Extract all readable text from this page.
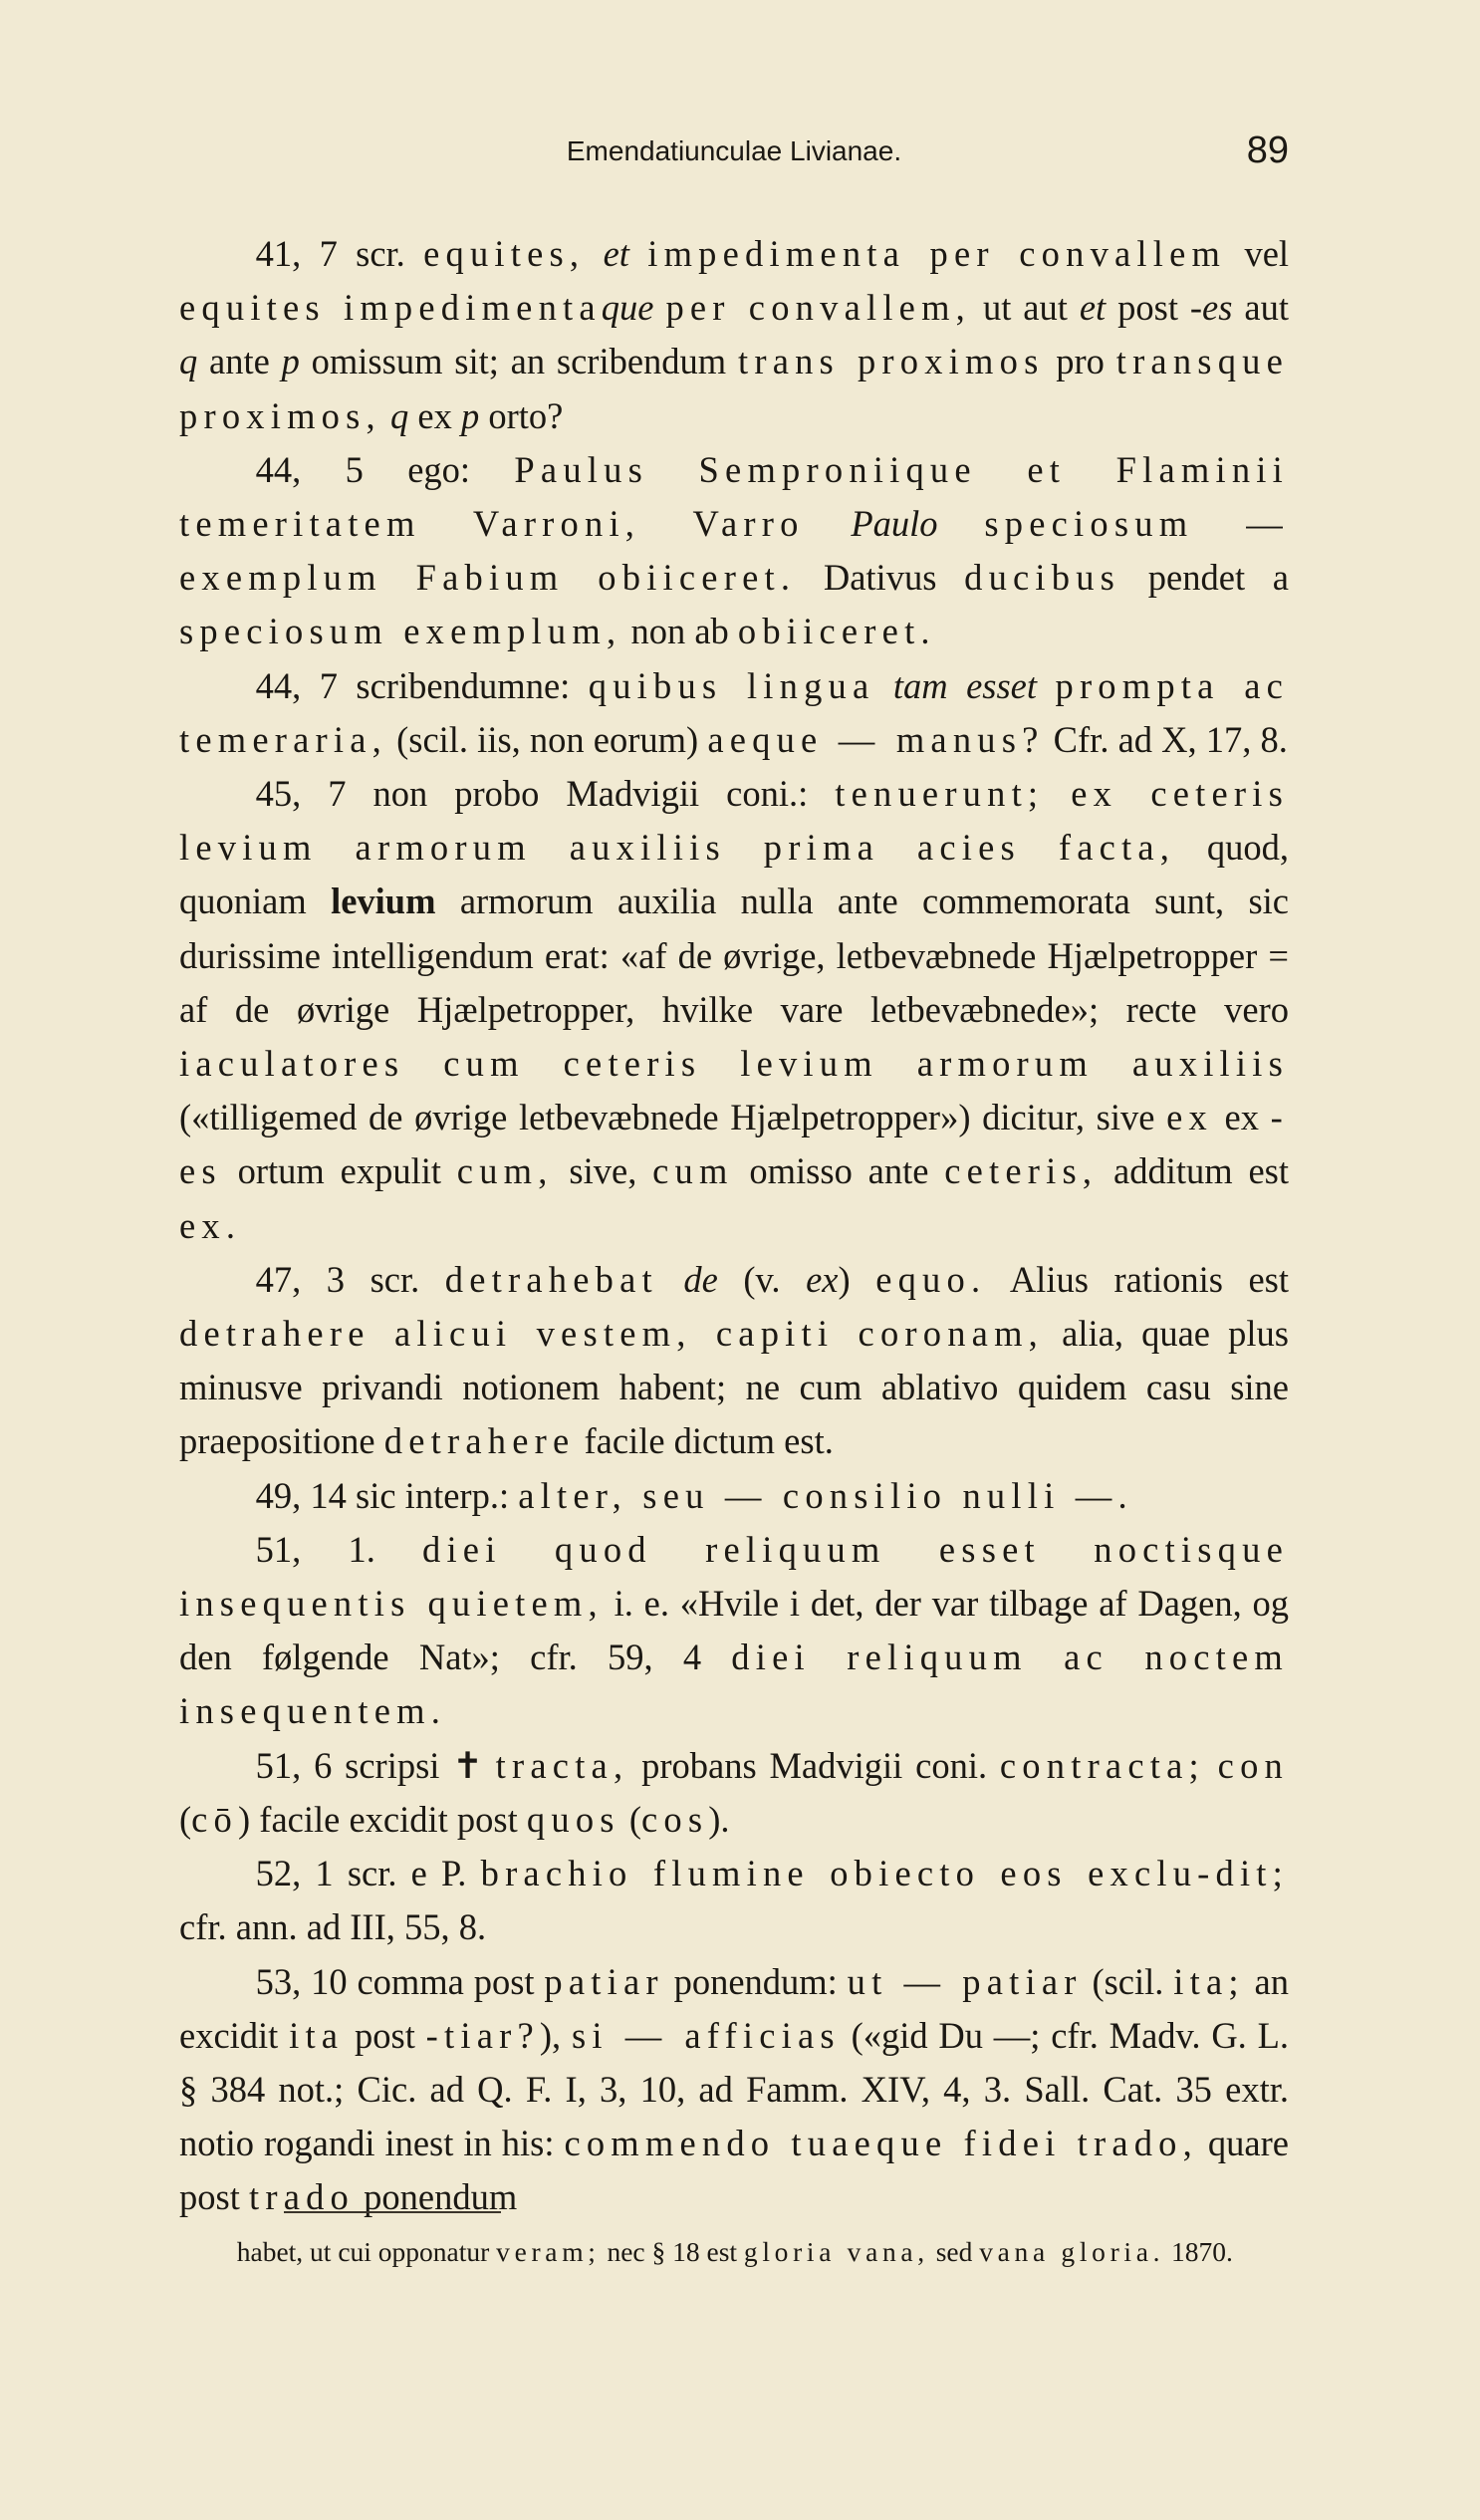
Emendatiunculae Livianae.	89

41, 7 scr. equites, et impedimenta per convallem vel equites impedimentaque per convallem, ut aut et post -es aut q ante p omissum sit; an scribendum trans proximos pro transque proximos, q ex p orto?

44, 5 ego: Paulus Semproniique et Flaminii temeritatem Varroni, Varro Paulo speciosum — exemplum Fabium obiiceret. Dativus ducibus pendet a speciosum exemplum, non ab obiiceret.

44, 7 scribendumne: quibus lingua tam esset prompta ac temeraria, (scil. iis, non eorum) aeque — manus? Cfr. ad X, 17, 8.

45, 7 non probo Madvigii coni.: tenuerunt; ex ceteris levium armorum auxiliis prima acies facta, quod, quoniam levium armorum auxilia nulla ante commemorata sunt, sic durissime intelligendum erat: «af de øvrige, letbevæbnede Hjælpetropper = af de øvrige Hjælpetropper, hvilke vare letbevæbnede»; recte vero iaculatores cum ceteris levium armorum auxiliis («tilligemed de øvrige letbevæbnede Hjælpetropper») dicitur, sive ex ex - es ortum expulit cum, sive, cum omisso ante ceteris, additum est ex.

47, 3 scr. detrahebat de (v. ex) equo. Alius rationis est detrahere alicui vestem, capiti coronam, alia, quae plus minusve privandi notionem habent; ne cum ablativo quidem casu sine praepositione detrahere facile dictum est.

49, 14 sic interp.: alter, seu — consilio nulli —.

51, 1. diei quod reliquum esset noctisque insequentis quietem, i. e. «Hvile i det, der var tilbage af Dagen, og den følgende Nat»; cfr. 59, 4 diei reliquum ac noctem insequentem.

51, 6 scripsi ✝ tracta, probans Madvigii coni. contracta; con (cō) facile excidit post quos (cos).

52, 1 scr. e P. brachio flumine obiecto eos exclu-dit; cfr. ann. ad III, 55, 8.

53, 10 comma post patiar ponendum: ut — patiar (scil. ita; an excidit ita post -tiar?), si — afficias («gid Du —; cfr. Madv. G. L. § 384 not.; Cic. ad Q. F. I, 3, 10, ad Famm. XIV, 4, 3. Sall. Cat. 35 extr. notio rogandi inest in his: commendo tuaeque fidei trado, quare post trado ponendum

habet, ut cui opponatur veram; nec § 18 est gloria vana, sed vana gloria. 1870.
